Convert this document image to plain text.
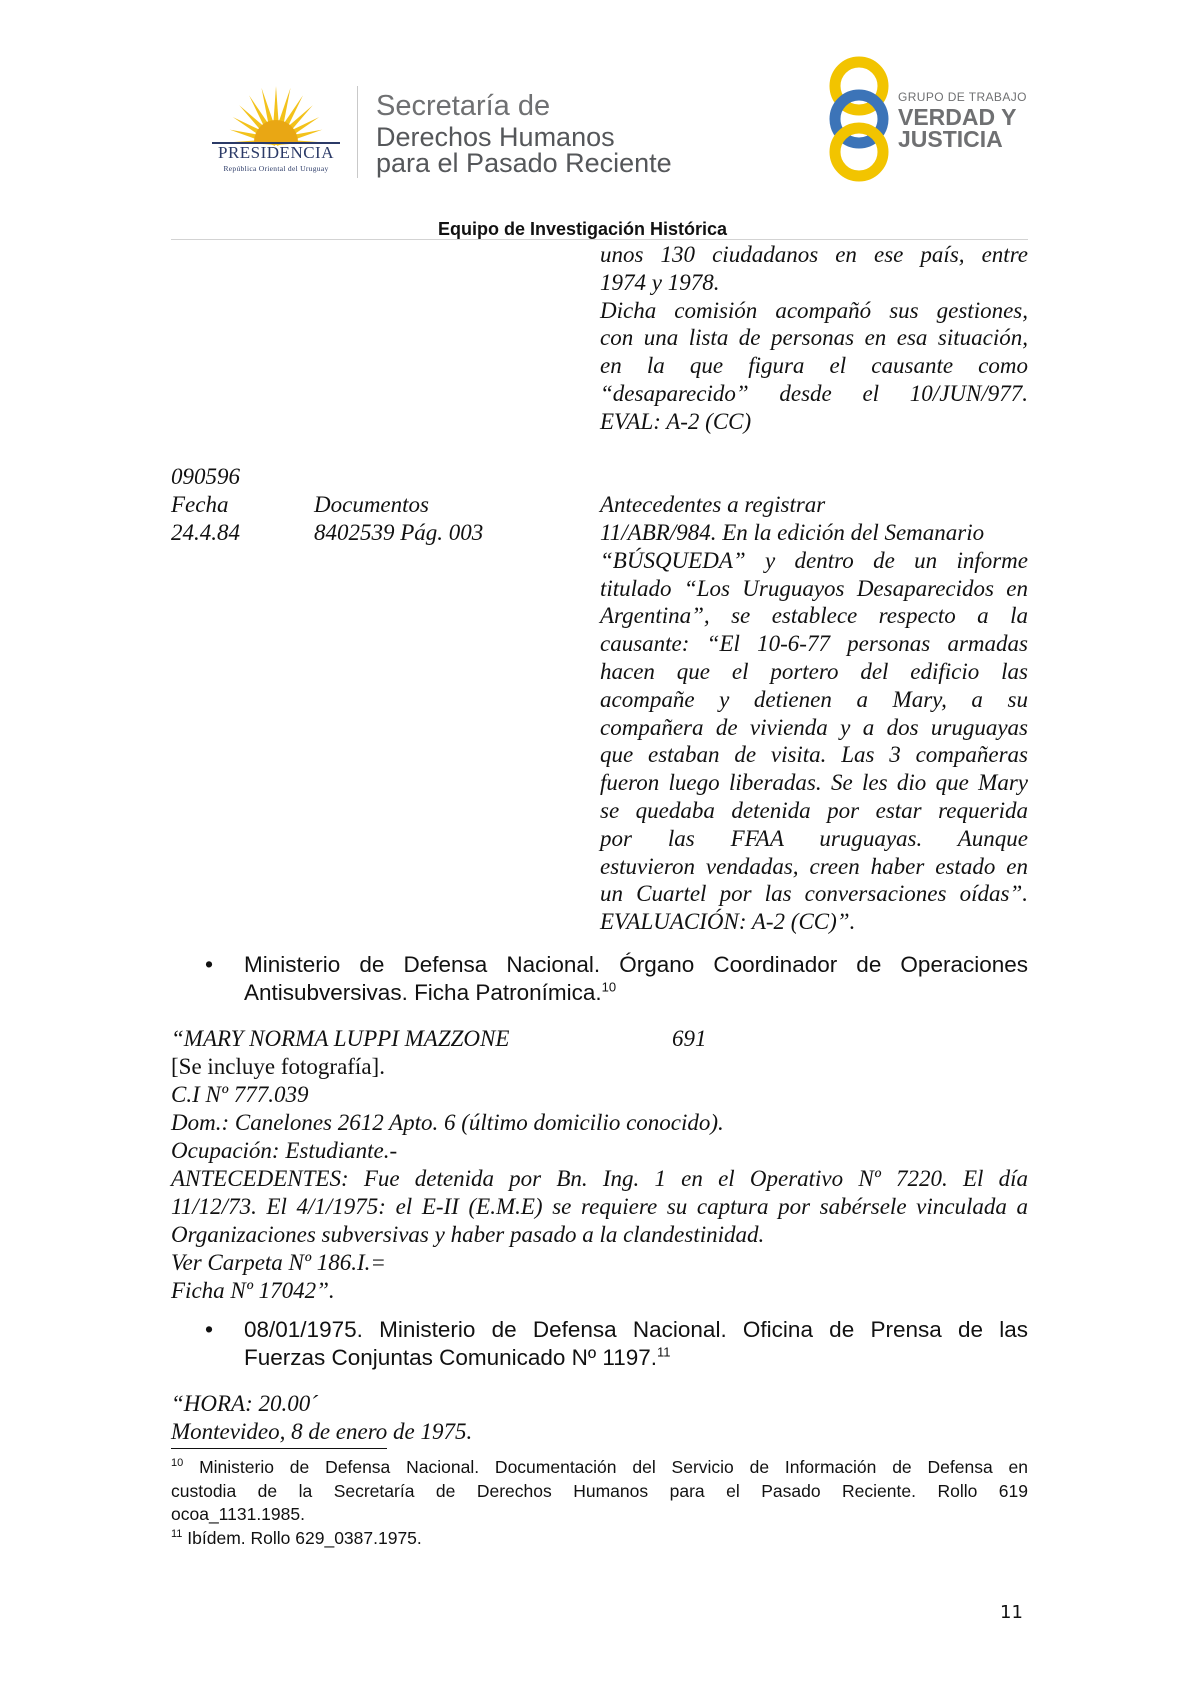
PRESIDENCIA
República Oriental del Uruguay
Secretaría de
Derechos Humanos
para el Pasado Reciente
GRUPO DE TRABAJO
VERDAD Y
JUSTICIA
Equipo de Investigación Histórica
unos 130 ciudadanos en ese país, entre
1974 y 1978.
Dicha comisión acompañó sus gestiones,
con una lista de personas en esa situación,
en la que figura el causante como
“desaparecido” desde el 10/JUN/977.
EVAL: A-2 (CC)
090596
Fecha
24.4.84
Documentos
8402539 Pág. 003
Antecedentes a registrar
11/ABR/984. En la edición del Semanario
“BÚSQUEDA” y dentro de un informe
titulado “Los Uruguayos Desaparecidos en
Argentina”, se establece respecto a la
causante: “El 10-6-77 personas armadas
hacen que el portero del edificio las
acompañe y detienen a Mary, a su
compañera de vivienda y a dos uruguayas
que estaban de visita. Las 3 compañeras
fueron luego liberadas. Se les dio que Mary
se quedaba detenida por estar requerida
por las FFAA uruguayas. Aunque
estuvieron vendadas, creen haber estado en
un Cuartel por las conversaciones oídas”.
EVALUACIÓN: A-2 (CC)”.
• Ministerio de Defensa Nacional. Órgano Coordinador de Operaciones
Antisubversivas. Ficha Patronímica.$^{10}$
“MARY NORMA LUPPI MAZZONE	691
[Se incluye fotografía].
C.I Nº 777.039
Dom.: Canelones 2612 Apto. 6 (último domicilio conocido).
Ocupación: Estudiante.-
ANTECEDENTES: Fue detenida por Bn. Ing. 1 en el Operativo Nº 7220. El día
11/12/73. El 4/1/1975: el E-II (E.M.E) se requiere su captura por sabérsele vinculada a
Organizaciones subversivas y haber pasado a la clandestinidad.
Ver Carpeta Nº 186.I.=
Ficha Nº 17042”.
• 08/01/1975. Ministerio de Defensa Nacional. Oficina de Prensa de las
Fuerzas Conjuntas Comunicado Nº 1197.11
“HORA: 20.00´
Montevideo, 8 de enero de 1975.
$^{10}$ Ministerio de Defensa Nacional. Documentación del Servicio de Información de Defensa en
custodia de la Secretaría de Derechos Humanos para el Pasado Reciente. Rollo 619
ocoa_1131.1985.
$^{11}$ Ibídem. Rollo 629_0387.1975.
11
